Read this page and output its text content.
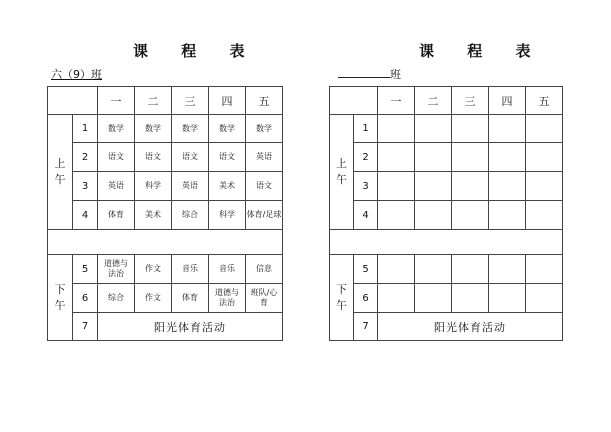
课 程 表
六（9）班
		一	二	三	四	五
上午	1	数学	数学	数学	数学	数学
	2	语文	语文	语文	语文	英语
	3	英语	科学	英语	美术	语文
	4	体育	美术	综合	科学	体育/足球

下午	5	道德与法治	作文	音乐	音乐	信息
	6	综合	作文	体育	道德与法治	班队/心育
	7	阳光体育活动				
课 程 表
班
		一	二	三	四	五
上午	1					
	2					
	3					
	4					

下午	5					
	6					
	7	阳光体育活动				
